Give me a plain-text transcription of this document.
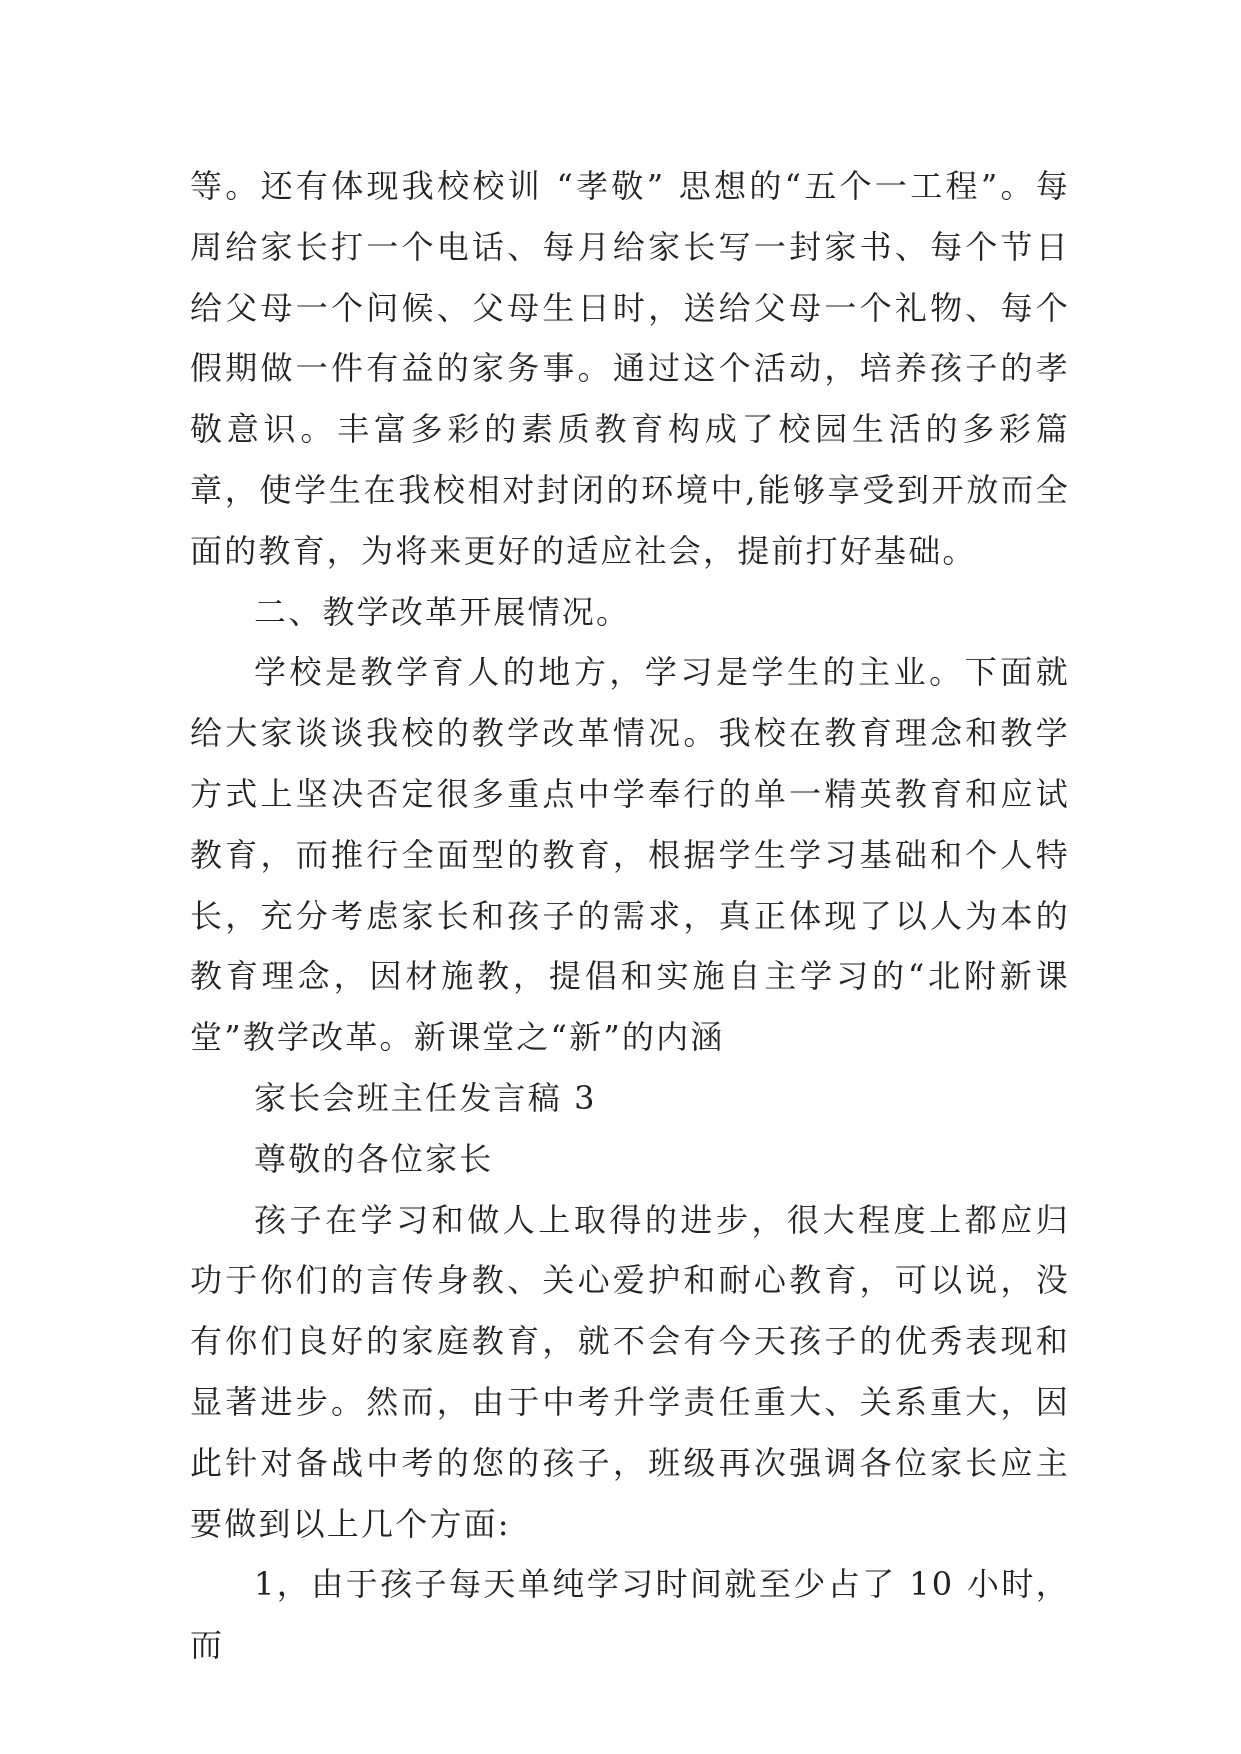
等。还有体现我校校训 “孝敬” 思想的“五个一工程”。每周给家长打一个电话、每月给家长写一封家书、每个节日给父母一个问候、父母生日时，送给父母一个礼物、每个假期做一件有益的家务事。通过这个活动，培养孩子的孝敬意识。丰富多彩的素质教育构成了校园生活的多彩篇章，使学生在我校相对封闭的环境中,能够享受到开放而全面的教育，为将来更好的适应社会，提前打好基础。

二、教学改革开展情况。

学校是教学育人的地方，学习是学生的主业。下面就给大家谈谈我校的教学改革情况。我校在教育理念和教学方式上坚决否定很多重点中学奉行的单一精英教育和应试教育，而推行全面型的教育，根据学生学习基础和个人特长，充分考虑家长和孩子的需求，真正体现了以人为本的教育理念，因材施教，提倡和实施自主学习的“北附新课堂”教学改革。新课堂之“新”的内涵

家长会班主任发言稿 3

尊敬的各位家长

孩子在学习和做人上取得的进步，很大程度上都应归功于你们的言传身教、关心爱护和耐心教育，可以说，没有你们良好的家庭教育，就不会有今天孩子的优秀表现和显著进步。然而，由于中考升学责任重大、关系重大，因此针对备战中考的您的孩子，班级再次强调各位家长应主要做到以上几个方面:

1，由于孩子每天单纯学习时间就至少占了 10 小时，而
